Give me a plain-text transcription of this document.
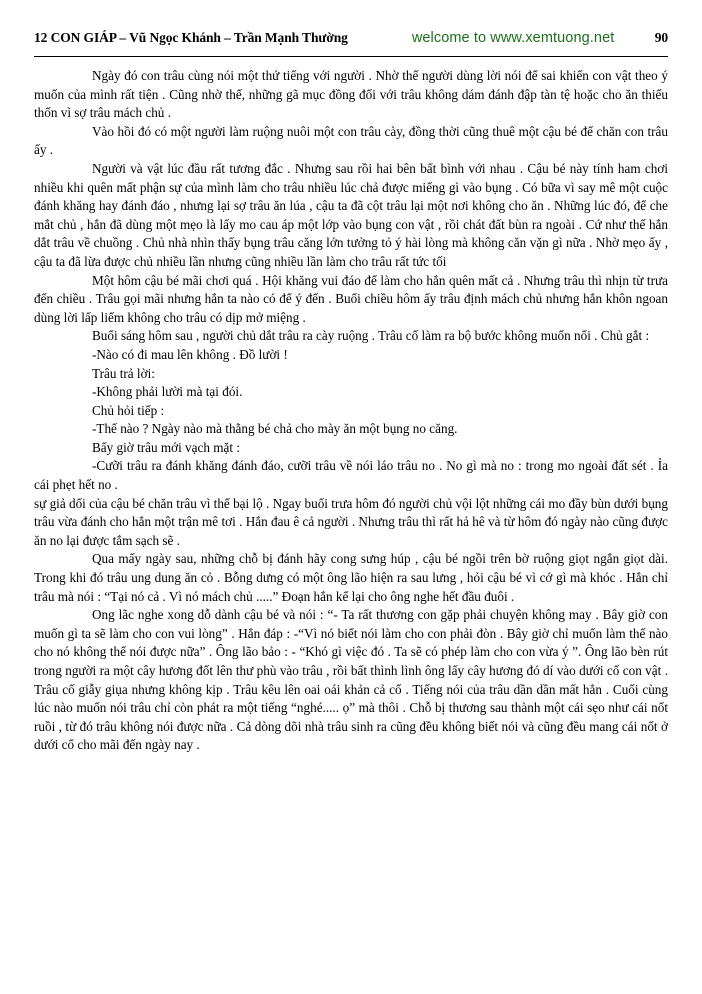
12 CON GIÁP – Vũ Ngọc Khánh – Trần Mạnh Thường	welcome to www.xemtuong.net	90

Ngày đó con trâu cùng nói một thứ tiếng với người . Nhờ thế người dùng lời nói để sai khiến con vật theo ý muốn của mình rất tiện . Cũng nhờ thế, những gã mục đồng đối với trâu không dám đánh đập tàn tệ hoặc cho ăn thiếu thốn vì sợ trâu mách chủ .

Vào hồi đó có một người làm ruộng nuôi một con trâu cày, đồng thời cũng thuê một cậu bé để chăn con trâu ấy .

Người và vật lúc đầu rất tương đắc . Nhưng sau rồi hai bên bất bình với nhau . Cậu bé này tính ham chơi nhiều khi quên mất phận sự của mình làm cho trâu nhiều lúc chả được miếng gì vào bụng . Có bữa vì say mê một cuộc đánh khăng hay đánh đáo , nhưng lại sợ trâu ăn lúa , cậu ta đã cột trâu lại một nơi không cho ăn . Những lúc đó, để che mắt chủ , hắn đã dùng một mẹo là lấy mo cau áp một lớp vào bụng con vật , rồi chát đất bùn ra ngoài . Cứ như thế hắn dắt trâu về chuồng . Chủ nhà nhìn thấy bụng trâu căng lớn tưởng tỏ ý hài lòng mà không căn vặn gì nữa . Nhờ mẹo ấy , cậu ta đã lừa được chủ nhiều lần nhưng cũng nhiều lần làm cho trâu rất tức tối

Một hôm cậu bé mãi chơi quá . Hội khăng vui đáo để làm cho hắn quên mất cả . Nhưng trâu thì nhịn từ trưa đến chiều . Trâu gọi mãi nhưng hắn ta nào có để ý đến . Buổi chiều hôm ấy trâu định mách chủ nhưng hắn khôn ngoan dùng lời lấp liếm không cho trâu có dịp mở miệng .

Buổi sáng hôm sau , người chủ dắt trâu ra cày ruộng . Trâu cố làm ra bộ bước không muốn nổi . Chủ gắt :

-Nào có đi mau lên không . Đồ lười !

Trâu trả lời:

-Không phải lười mà tại đói.

Chủ hỏi tiếp :

-Thế nào ? Ngày nào mà thằng bé chả cho mày ăn một bụng no căng.

Bấy giờ trâu mới vạch mặt :

-Cưỡi trâu ra đánh khăng đánh đáo, cưỡi trâu về nói láo trâu no . No gì mà no : trong mo ngoài đất sét . Ỉa cái phẹt hết no .

sự giả dối của cậu bé chăn trâu vì thế bại lộ . Ngay buổi trưa hôm đó người chủ vội lột những cái mo đầy bùn dưới bụng trâu vừa đánh cho hắn một trận mê tơi . Hắn đau ê cả người . Nhưng trâu thì rất hả hê và từ hôm đó ngày nào cũng được ăn no lại được tắm sạch sẽ .

Qua mấy ngày sau, những chỗ bị đánh hãy cong sưng húp , cậu bé ngồi trên bờ ruộng giọt ngắn giọt dài. Trong khi đó trâu ung dung ăn cỏ . Bỗng dưng có một ông lão hiện ra sau lưng , hỏi cậu bé vì cớ gì mà khóc . Hắn chỉ trâu mà nói : “Tại nó cả . Vì nó mách chủ .....” Đoạn hắn kể lại cho ông nghe hết đầu đuôi .

Ong lãc nghe xong dỗ dành cậu bé và nói : “- Ta rất thương con gặp phải chuyện không may . Bây giờ con muốn gì ta sẽ làm cho con vui lòng” . Hắn đáp : -“Vì nó biết nói làm cho con phải đòn . Bây giờ chỉ muốn làm thế nào cho nó không thể nói được nữa” . Ông lão bảo : - “Khó gì việc đó . Ta sẽ có phép làm cho con vừa ý ”. Ông lão bèn rút trong người ra một cây hương đốt lên thư phù vào trâu , rồi bất thình lình ông lấy cây hương đó dí vào dưới cổ con vật . Trâu cố giẫy giụa nhưng không kịp . Trâu kêu lên oai oái khản cả cổ . Tiếng nói của trâu dần dần mất hẳn . Cuối cùng lúc nào muốn nói trâu chỉ còn phát ra một tiếng “nghé..... ọ” mà thôi . Chỗ bị thương sau thành một cái sẹo như cái nốt ruồi , từ đó trâu không nói được nữa . Cả dòng dõi nhà trâu sinh ra cũng đều không biết nói và cũng đều mang cái nốt ở dưới cổ cho mãi đến ngày nay .
